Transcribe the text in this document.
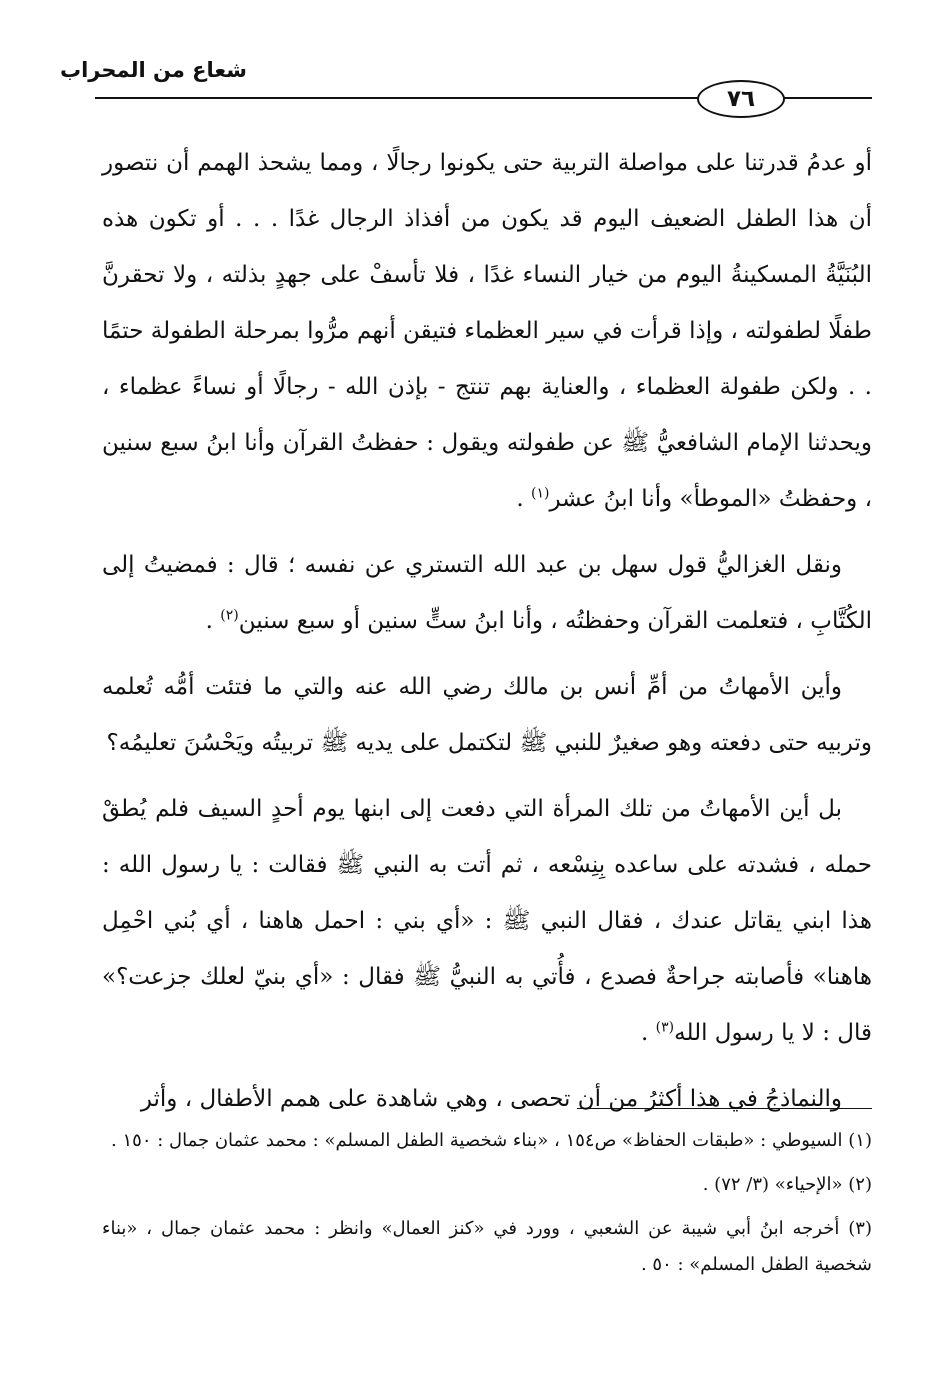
شعاع من المحراب
٧٦

أو عدمُ قدرتنا على مواصلة التربية حتى يكونوا رجالًا ، ومما يشحذ الهمم أن نتصور أن هذا الطفل الضعيف اليوم قد يكون من أفذاذ الرجال غدًا . . . أو تكون هذه البُنَيَّةُ المسكينةُ اليوم من خيار النساء غدًا ، فلا تأسفْ على جهدٍ بذلته ، ولا تحقرنَّ طفلًا لطفولته ، وإذا قرأت في سير العظماء فتيقن أنهم مرُّوا بمرحلة الطفولة حتمًا . . ولكن طفولة العظماء ، والعناية بهم تنتج - بإذن الله - رجالًا أو نساءً عظماء ، ويحدثنا الإمام الشافعيُّ ﷺ عن طفولته ويقول : حفظتُ القرآن وأنا ابنُ سبع سنين ، وحفظتُ «الموطأ» وأنا ابنُ عشر$^{(١)}$ .

ونقل الغزاليُّ قول سهل بن عبد الله التستري عن نفسه ؛ قال : فمضيتُ إلى الكُتَّابِ ، فتعلمت القرآن وحفظتُه ، وأنا ابنُ ستٍّ سنين أو سبع سنين$^{(٢)}$ .

وأين الأمهاتُ من أمِّ أنس بن مالك رضي الله عنه والتي ما فتئت أمُّه تُعلمه وتربيه حتى دفعته وهو صغيرٌ للنبي ﷺ لتكتمل على يديه ﷺ تربيتُه ويَحْسُنَ تعليمُه؟

بل أين الأمهاتُ من تلك المرأة التي دفعت إلى ابنها يوم أحدٍ السيف فلم يُطقْ حمله ، فشدته على ساعده بِنِسْعه ، ثم أتت به النبي ﷺ فقالت : يا رسول الله : هذا ابني يقاتل عندك ، فقال النبي ﷺ : «أي بني : احمل هاهنا ، أي بُني احْمِل هاهنا» فأصابته جراحةٌ فصدع ، فأُتي به النبيُّ ﷺ فقال : «أي بنيّ لعلك جزعت؟» قال : لا يا رسول الله$^{(٣)}$ .

والنماذجُ في هذا أكثرُ من أن تحصى ، وهي شاهدة على همم الأطفال ، وأثر

(١) السيوطي : «طبقات الحفاظ» ص١٥٤ ، «بناء شخصية الطفل المسلم» : محمد عثمان جمال : ١٥٠ .

(٢) «الإحياء» (٣/ ٧٢) .

(٣) أخرجه ابنُ أبي شيبة عن الشعبي ، وورد في «كنز العمال» وانظر : محمد عثمان جمال ، «بناء شخصية الطفل المسلم» : ٥٠ .
